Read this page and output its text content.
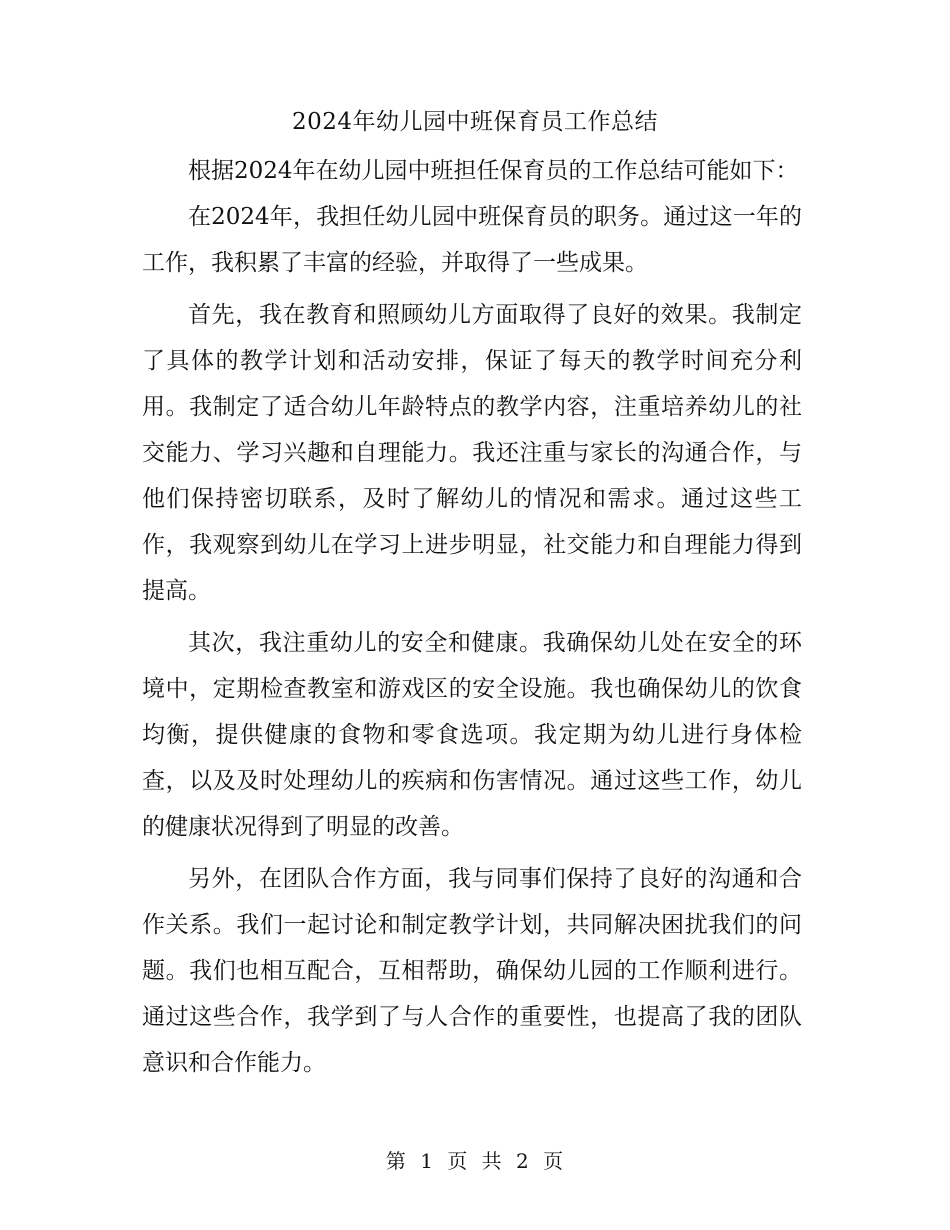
2024年幼儿园中班保育员工作总结

根据2024年在幼儿园中班担任保育员的工作总结可能如下：

在2024年，我担任幼儿园中班保育员的职务。通过这一年的工作，我积累了丰富的经验，并取得了一些成果。

首先，我在教育和照顾幼儿方面取得了良好的效果。我制定了具体的教学计划和活动安排，保证了每天的教学时间充分利用。我制定了适合幼儿年龄特点的教学内容，注重培养幼儿的社交能力、学习兴趣和自理能力。我还注重与家长的沟通合作，与他们保持密切联系，及时了解幼儿的情况和需求。通过这些工作，我观察到幼儿在学习上进步明显，社交能力和自理能力得到提高。

其次，我注重幼儿的安全和健康。我确保幼儿处在安全的环境中，定期检查教室和游戏区的安全设施。我也确保幼儿的饮食均衡，提供健康的食物和零食选项。我定期为幼儿进行身体检查，以及及时处理幼儿的疾病和伤害情况。通过这些工作，幼儿的健康状况得到了明显的改善。

另外，在团队合作方面，我与同事们保持了良好的沟通和合作关系。我们一起讨论和制定教学计划，共同解决困扰我们的问题。我们也相互配合，互相帮助，确保幼儿园的工作顺利进行。通过这些合作，我学到了与人合作的重要性，也提高了我的团队意识和合作能力。

第 1 页 共 2 页
